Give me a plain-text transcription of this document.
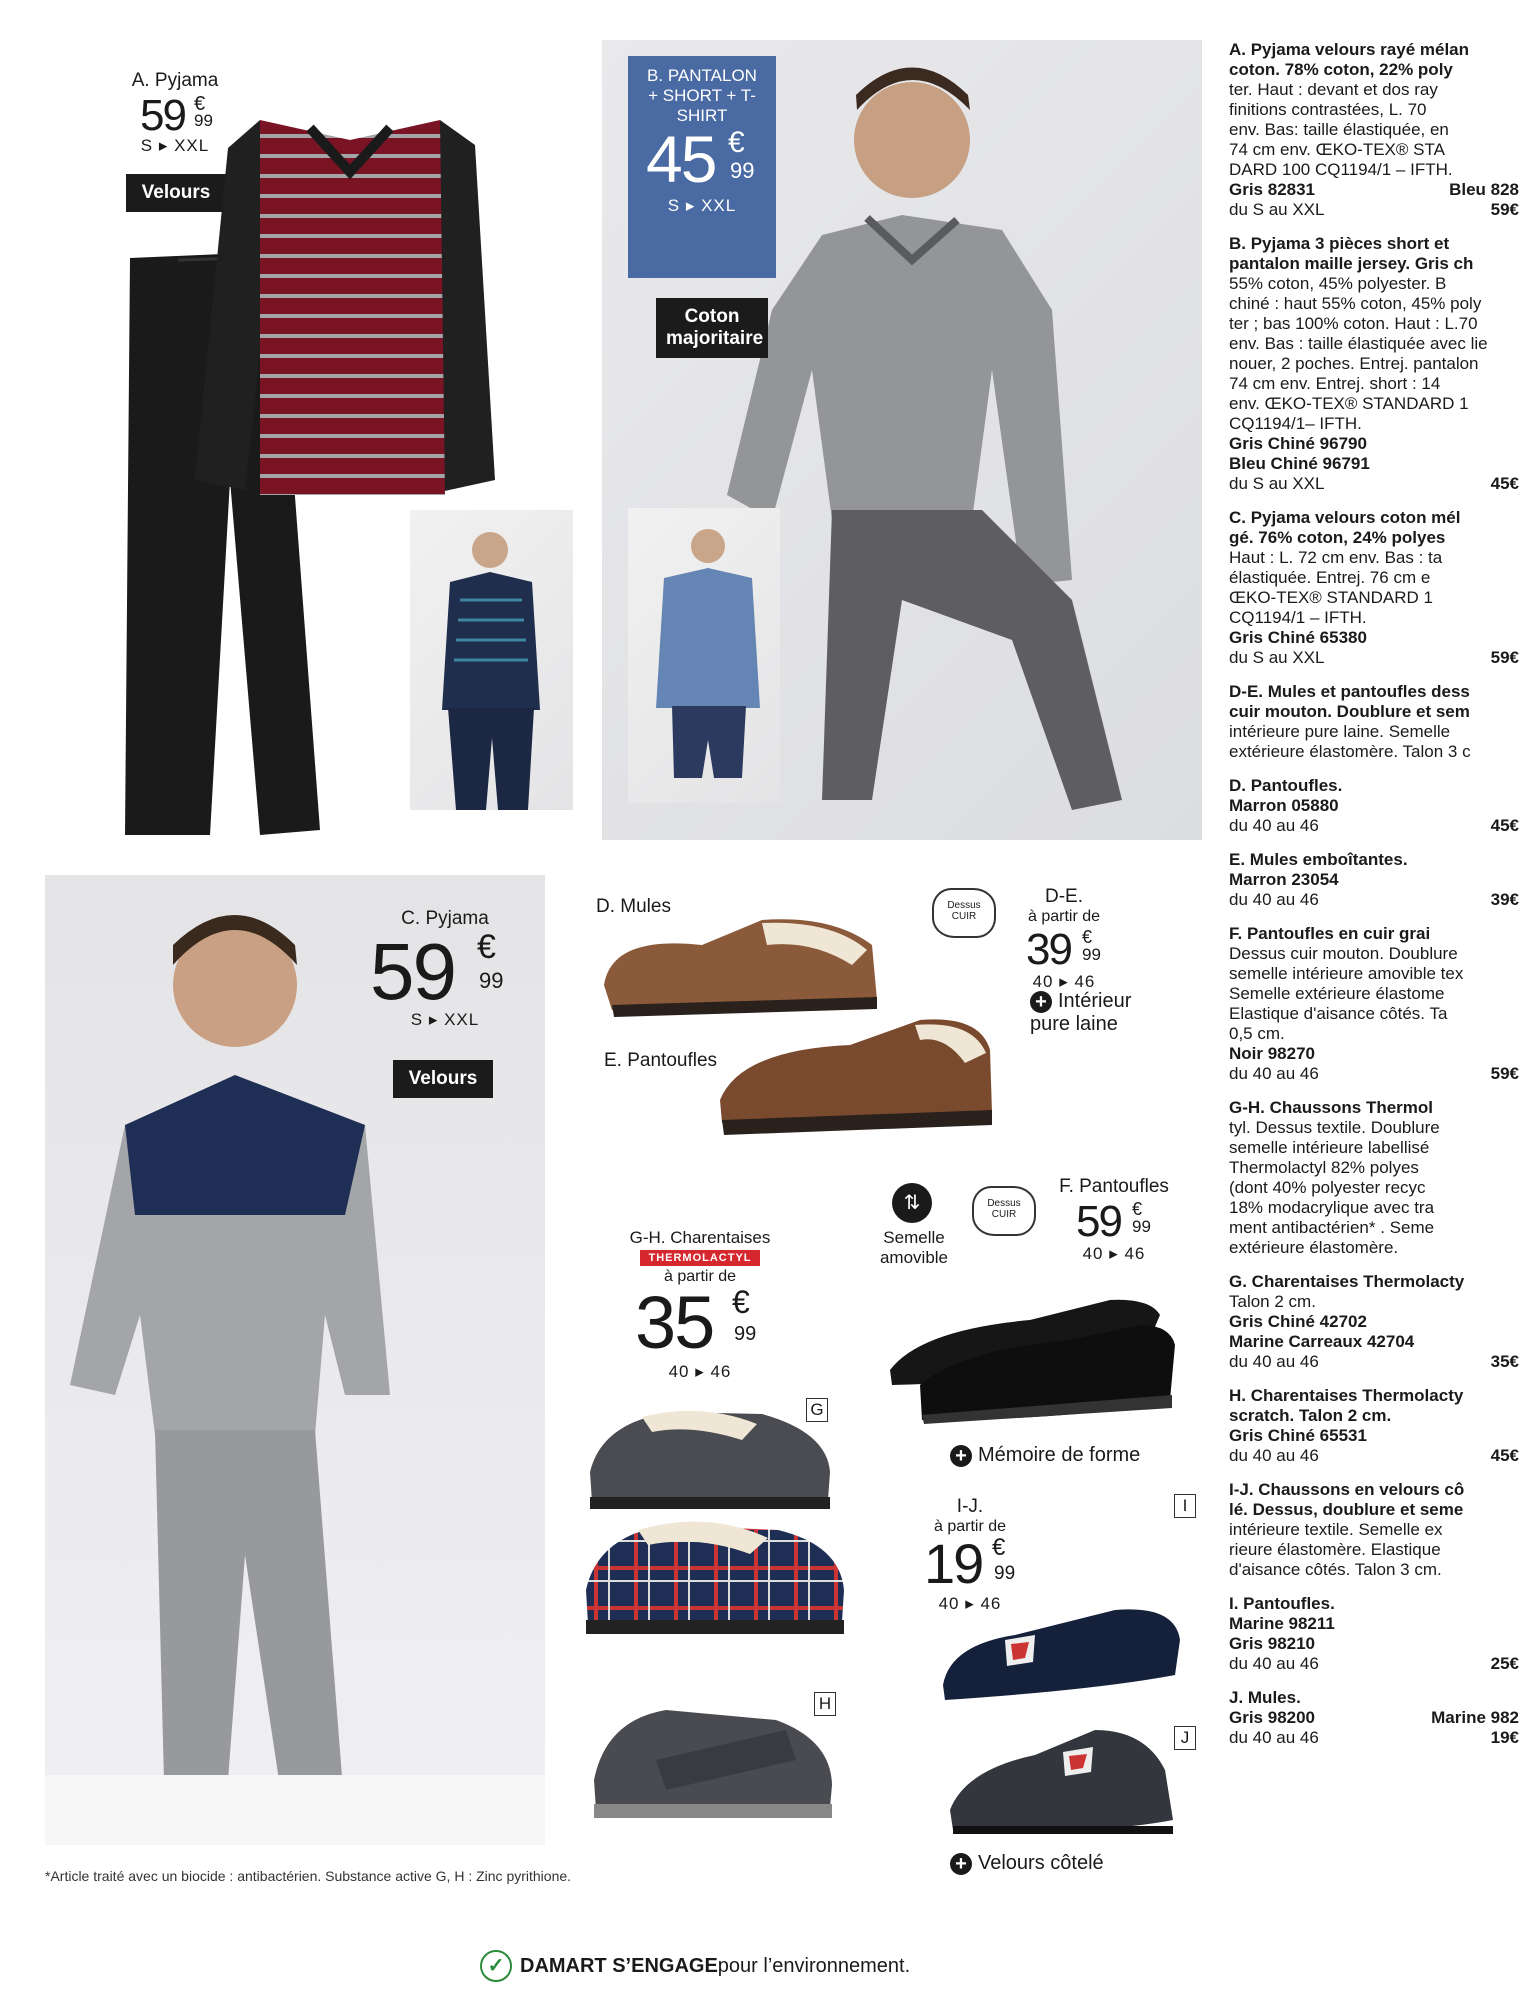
A. Pyjama
59 €
99
S ▸ XXL
Velours
B. PANTALON + SHORT + T-SHIRT
45 €
99
S ▸ XXL
Coton majoritaire
C. Pyjama
59 €
99
S ▸ XXL
Velours
D. Mules
E. Pantoufles
Dessus CUIR
D-E.
à partir de
39 €
99
40 ▸ 46
+ Intérieur pure laine
⇅
Semelle amovible
Dessus CUIR
F. Pantoufles
59 €
99
40 ▸ 46
G-H. Charentaises
THERMOLACTYL
à partir de
35 €
99
40 ▸ 46
G
H
+ Mémoire de forme
I-J.
à partir de
19 €
99
40 ▸ 46
I
J
+ Velours côtelé
*Article traité avec un biocide : antibactérien. Substance active G, H : Zinc pyrithione.
✓ DAMART S’ENGAGE pour l’environnement.
A. Pyjama velours rayé mélan
coton. 78% coton, 22% poly
ter. Haut : devant et dos ray
finitions contrastées, L. 70
env. Bas: taille élastiquée, en
74 cm env. ŒKO-TEX® STA
DARD 100 CQ1194/1 – IFTH.
Gris 82831	Bleu 828
du S au XXL	59€
B. Pyjama 3 pièces short et
pantalon maille jersey. Gris ch
55% coton, 45% polyester. B
chiné : haut 55% coton, 45% poly
ter ; bas 100% coton. Haut : L.70
env. Bas : taille élastiquée avec lie
nouer, 2 poches. Entrej. pantalon
74 cm env. Entrej. short : 14
env. ŒKO-TEX® STANDARD 1
CQ1194/1– IFTH.
Gris Chiné 96790
Bleu Chiné 96791
du S au XXL	45€
C. Pyjama velours coton mél
gé. 76% coton, 24% polyes
Haut : L. 72 cm env. Bas : ta
élastiquée. Entrej. 76 cm e
ŒKO-TEX® STANDARD 1
CQ1194/1 – IFTH.
Gris Chiné 65380
du S au XXL	59€
D-E. Mules et pantoufles dess
cuir mouton. Doublure et sem
intérieure pure laine. Semelle
extérieure élastomère. Talon 3 c
D. Pantoufles.
Marron 05880
du 40 au 46	45€
E. Mules emboîtantes.
Marron 23054
du 40 au 46	39€
F. Pantoufles en cuir grai
Dessus cuir mouton. Doublure
semelle intérieure amovible tex
Semelle extérieure élastome
Elastique d'aisance côtés. Ta
0,5 cm.
Noir 98270
du 40 au 46	59€
G-H. Chaussons Thermol
tyl. Dessus textile. Doublure
semelle intérieure labellisé
Thermolactyl 82% polyes
(dont 40% polyester recyc
18% modacrylique avec tra
ment antibactérien* . Seme
extérieure élastomère.
G. Charentaises Thermolacty
Talon 2 cm.
Gris Chiné 42702
Marine Carreaux 42704
du 40 au 46	35€
H. Charentaises Thermolacty
scratch. Talon 2 cm.
Gris Chiné 65531
du 40 au 46	45€
I-J. Chaussons en velours cô
lé. Dessus, doublure et seme
intérieure textile. Semelle ex
rieure élastomère. Elastique
d'aisance côtés. Talon 3 cm.
I. Pantoufles.
Marine 98211
Gris 98210
du 40 au 46	25€
J. Mules.
Gris 98200	Marine 982
du 40 au 46	19€
